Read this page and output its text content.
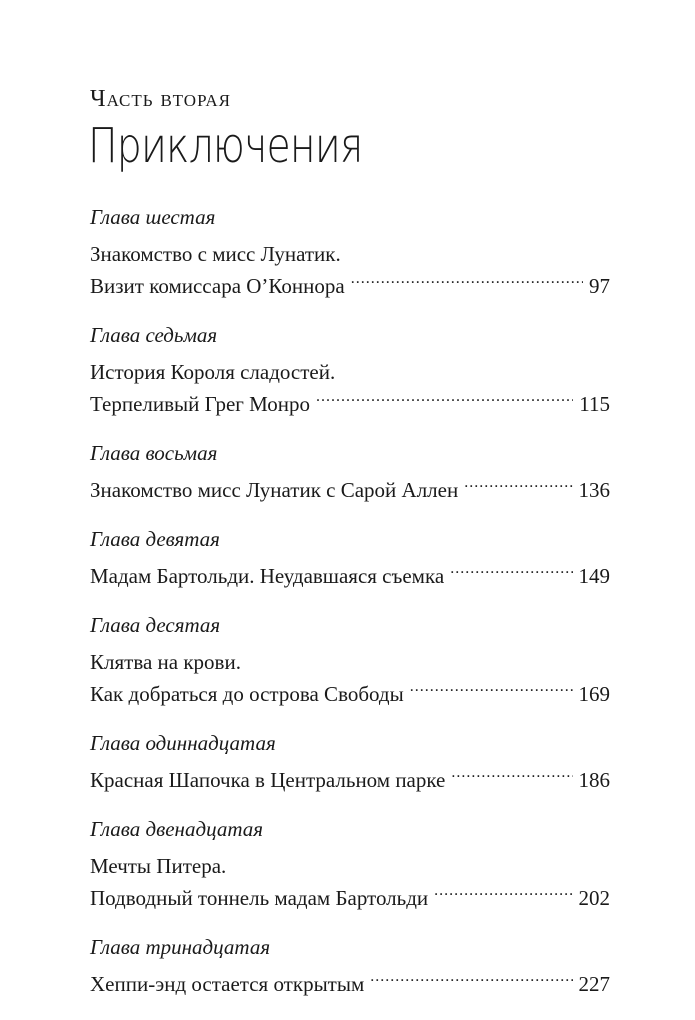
Часть вторая
Приключения
Глава шестая
Знакомство с мисс Лунатик.
Визит комиссара О’Коннора .....	97
Глава седьмая
История Короля сладостей.
Терпеливый Грег Монро .....	115
Глава восьмая
Знакомство мисс Лунатик с Сарой Аллен .....	136
Глава девятая
Мадам Бартольди. Неудавшаяся съемка .....	149
Глава десятая
Клятва на крови.
Как добраться до острова Свободы .....	169
Глава одиннадцатая
Красная Шапочка в Центральном парке .....	186
Глава двенадцатая
Мечты Питера.
Подводный тоннель мадам Бартольди .....	202
Глава тринадцатая
Хеппи-энд остается открытым .....	227
